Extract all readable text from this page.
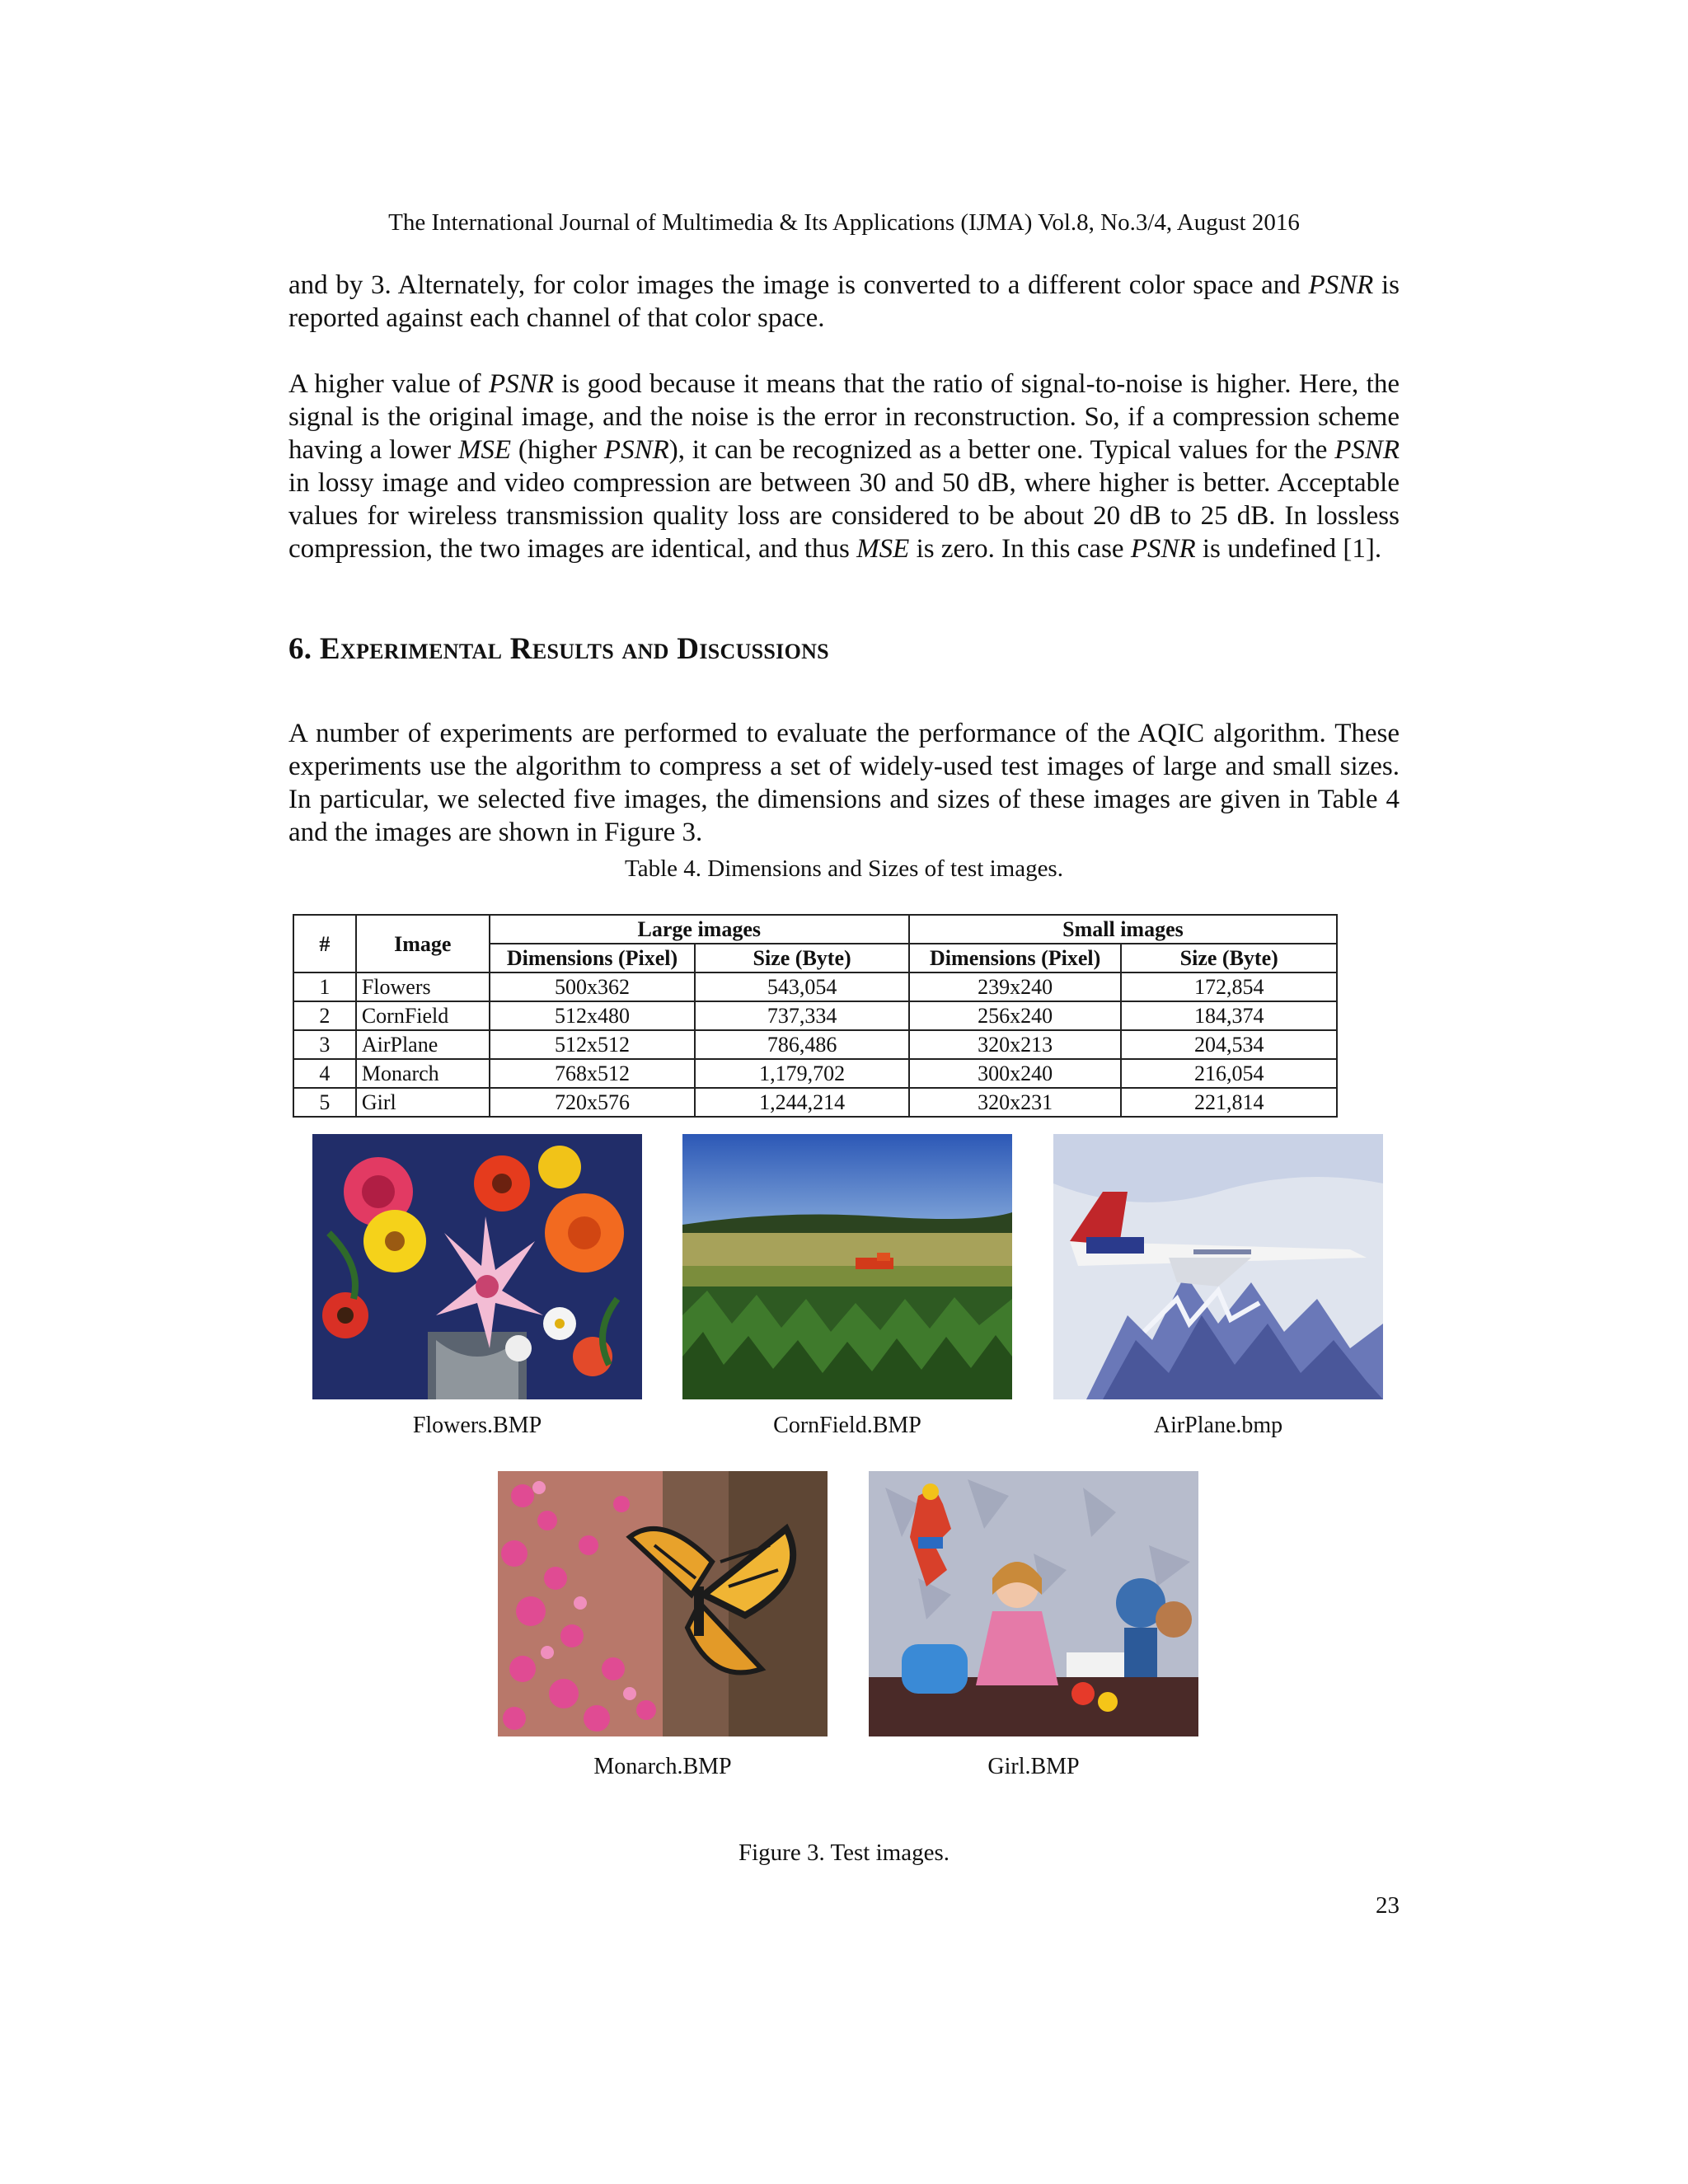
The International Journal of Multimedia & Its Applications (IJMA) Vol.8, No.3/4, August 2016

and by 3. Alternately, for color images the image is converted to a different color space and PSNR is reported against each channel of that color space.

A higher value of PSNR is good because it means that the ratio of signal-to-noise is higher. Here, the signal is the original image, and the noise is the error in reconstruction. So, if a compression scheme having a lower MSE (higher PSNR), it can be recognized as a better one. Typical values for the PSNR in lossy image and video compression are between 30 and 50 dB, where higher is better. Acceptable values for wireless transmission quality loss are considered to be about 20 dB to 25 dB. In lossless compression, the two images are identical, and thus MSE is zero. In this case PSNR is undefined [1].

6. Experimental Results and Discussions

A number of experiments are performed to evaluate the performance of the AQIC algorithm. These experiments use the algorithm to compress a set of widely-used test images of large and small sizes. In particular, we selected five images, the dimensions and sizes of these images are given in Table 4 and the images are shown in Figure 3.

Table 4. Dimensions and Sizes of test images.
#	Image	Large images		Small images	
		Dimensions (Pixel)	Size (Byte)	Dimensions (Pixel)	Size (Byte)
1	Flowers	500x362	543,054	239x240	172,854
2	CornField	512x480	737,334	256x240	184,374
3	AirPlane	512x512	786,486	320x213	204,534
4	Monarch	768x512	1,179,702	300x240	216,054
5	Girl	720x576	1,244,214	320x231	221,814
Flowers.BMP	CornField.BMP	AirPlane.bmp
Monarch.BMP	Girl.BMP
Figure 3. Test images.
23
